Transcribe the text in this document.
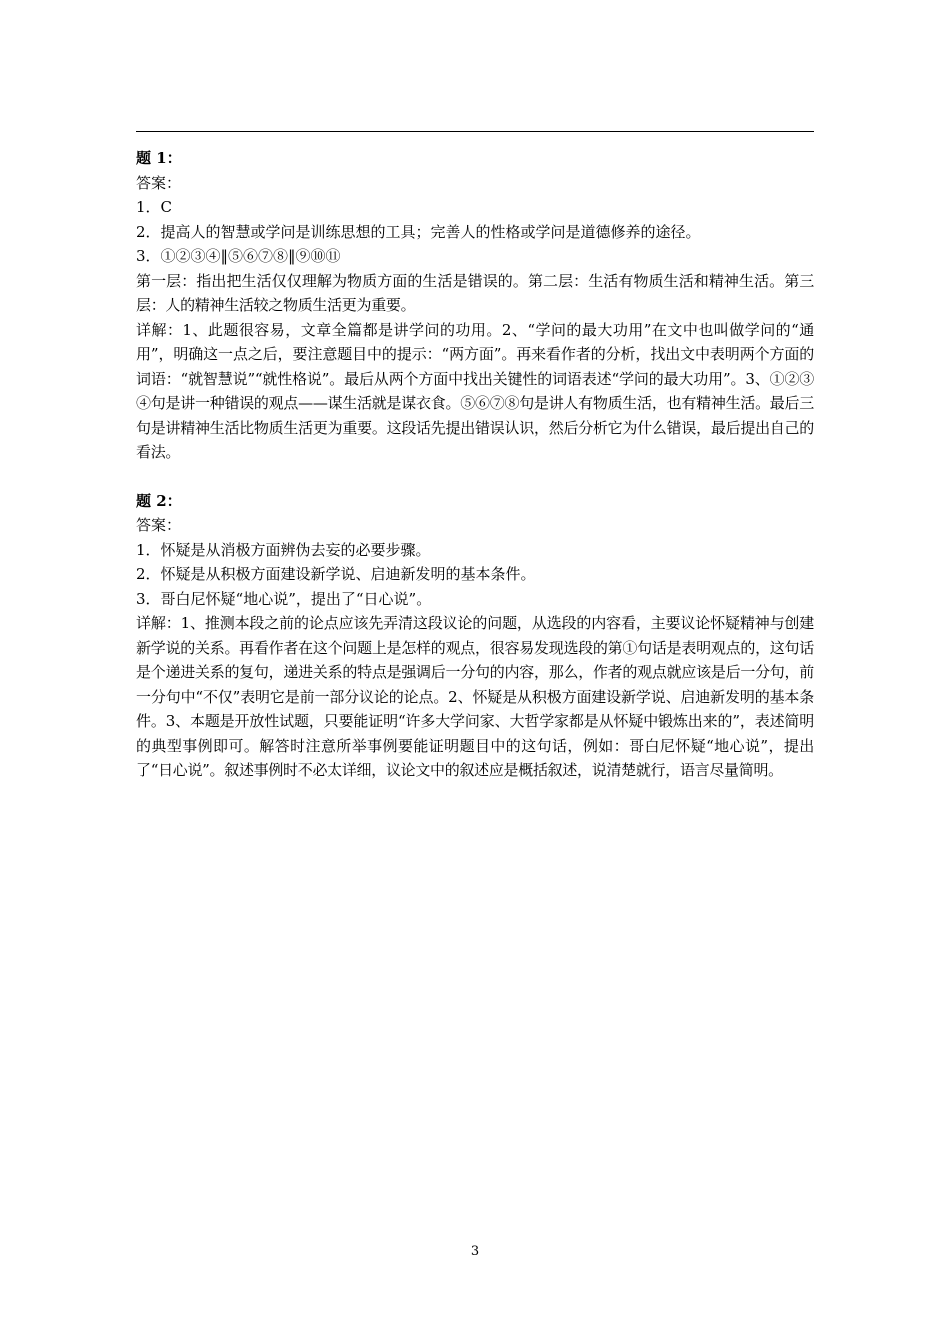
题 1：

答案：

1．C

2．提高人的智慧或学问是训练思想的工具；完善人的性格或学问是道德修养的途径。

3．①②③④‖⑤⑥⑦⑧‖⑨⑩⑪

第一层：指出把生活仅仅理解为物质方面的生活是错误的。第二层：生活有物质生活和精神生活。第三层：人的精神生活较之物质生活更为重要。

详解：1、此题很容易，文章全篇都是讲学问的功用。2、“学问的最大功用”在文中也叫做学问的“通用”，明确这一点之后，要注意题目中的提示：“两方面”。再来看作者的分析，找出文中表明两个方面的词语：“就智慧说”“就性格说”。最后从两个方面中找出关键性的词语表述“学问的最大功用”。3、①②③④句是讲一种错误的观点——谋生活就是谋衣食。⑤⑥⑦⑧句是讲人有物质生活，也有精神生活。最后三句是讲精神生活比物质生活更为重要。这段话先提出错误认识，然后分析它为什么错误，最后提出自己的看法。

题 2：

答案：

1．怀疑是从消极方面辨伪去妄的必要步骤。

2．怀疑是从积极方面建设新学说、启迪新发明的基本条件。

3．哥白尼怀疑“地心说”，提出了“日心说”。

详解：1、推测本段之前的论点应该先弄清这段议论的问题，从选段的内容看，主要议论怀疑精神与创建新学说的关系。再看作者在这个问题上是怎样的观点，很容易发现选段的第①句话是表明观点的，这句话是个递进关系的复句，递进关系的特点是强调后一分句的内容，那么，作者的观点就应该是后一分句，前一分句中“不仅”表明它是前一部分议论的论点。2、怀疑是从积极方面建设新学说、启迪新发明的基本条件。3、本题是开放性试题，只要能证明“许多大学问家、大哲学家都是从怀疑中锻炼出来的”，表述简明的典型事例即可。解答时注意所举事例要能证明题目中的这句话，例如：哥白尼怀疑“地心说”，提出了“日心说”。叙述事例时不必太详细，议论文中的叙述应是概括叙述，说清楚就行，语言尽量简明。

3
